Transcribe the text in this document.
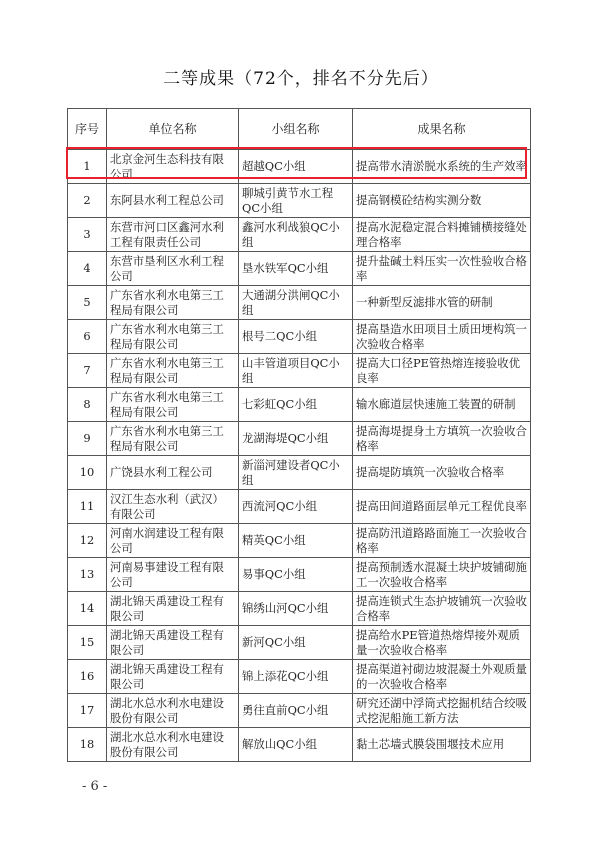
二等成果（72个，排名不分先后）
序号	单位名称	小组名称	成果名称
1	北京金河生态科技有限公司	超越QC小组	提高带水清淤脱水系统的生产效率
2	东阿县水利工程总公司	聊城引黄节水工程QC小组	提高钢模砼结构实测分数
3	东营市河口区鑫河水利工程有限责任公司	鑫河水利战狼QC小组	提高水泥稳定混合料摊铺横接缝处理合格率
4	东营市垦利区水利工程公司	垦水铁军QC小组	提升盐碱土料压实一次性验收合格率
5	广东省水利水电第三工程局有限公司	大通湖分洪闸QC小组	一种新型反滤排水管的研制
6	广东省水利水电第三工程局有限公司	根号二QC小组	提高垦造水田项目土质田埂构筑一次验收合格率
7	广东省水利水电第三工程局有限公司	山丰管道项目QC小组	提高大口径PE管热熔连接验收优良率
8	广东省水利水电第三工程局有限公司	七彩虹QC小组	输水廊道层快速施工装置的研制
9	广东省水利水电第三工程局有限公司	龙湖海堤QC小组	提高海堤提身土方填筑一次验收合格率
10	广饶县水利工程公司	新淄河建设者QC小组	提高堤防填筑一次验收合格率
11	汉江生态水利（武汉）有限公司	西流河QC小组	提高田间道路面层单元工程优良率
12	河南水润建设工程有限公司	精英QC小组	提高防汛道路路面施工一次验收合格率
13	河南易事建设工程有限公司	易事QC小组	提高预制透水混凝土块护坡铺砌施工一次验收合格率
14	湖北锦天禹建设工程有限公司	锦绣山河QC小组	提高连锁式生态护坡铺筑一次验收合格率
15	湖北锦天禹建设工程有限公司	新河QC小组	提高给水PE管道热熔焊接外观质量一次验收合格率
16	湖北锦天禹建设工程有限公司	锦上添花QC小组	提高渠道衬砌边坡混凝土外观质量的一次验收合格率
17	湖北水总水利水电建设股份有限公司	勇往直前QC小组	研究还湖中浮筒式挖掘机结合绞吸式挖泥船施工新方法
18	湖北水总水利水电建设股份有限公司	解放山QC小组	黏土芯墙式膜袋围堰技术应用
- 6 -
